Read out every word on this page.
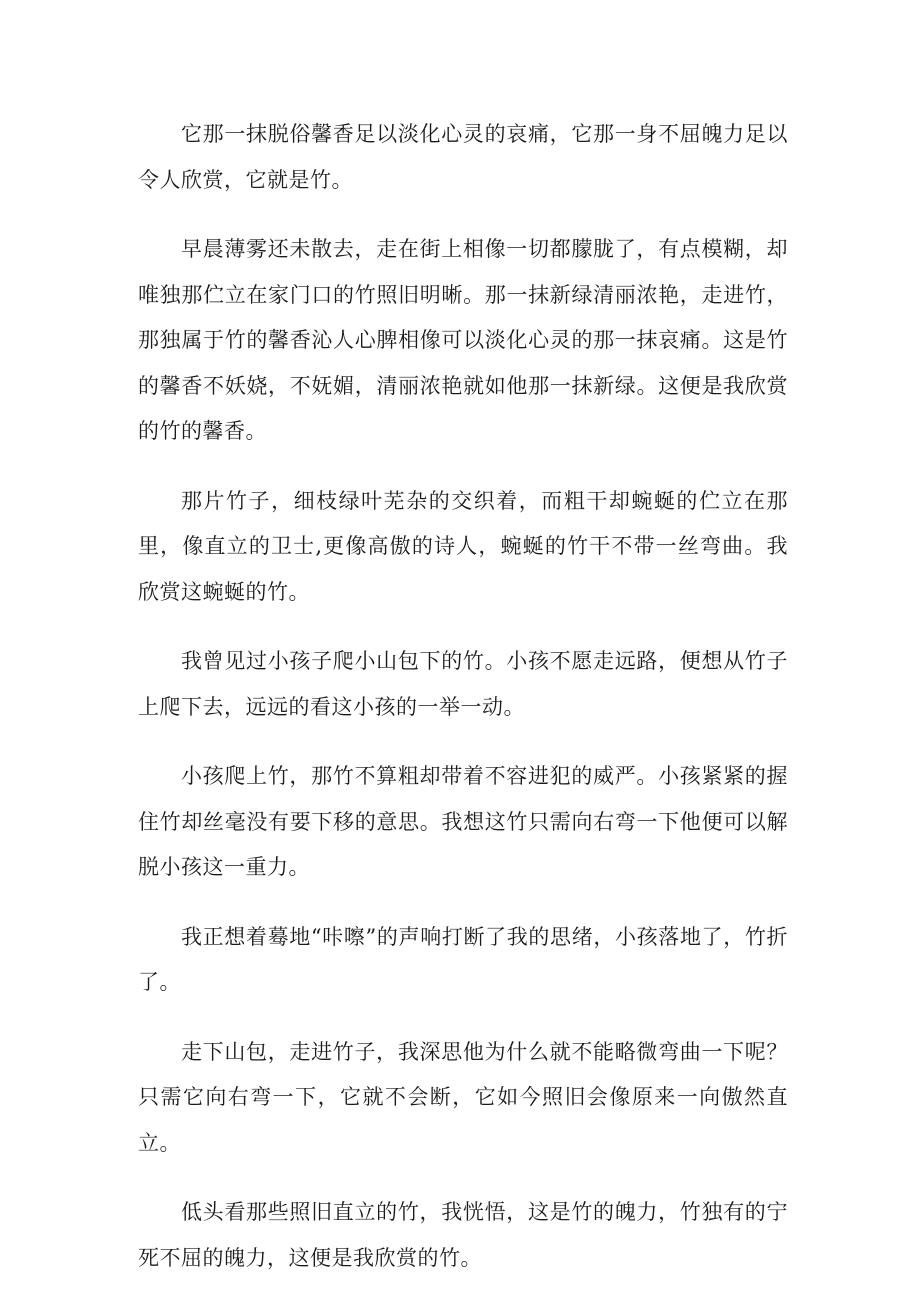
它那一抹脱俗馨香足以淡化心灵的哀痛，它那一身不屈魄力足以令人欣赏，它就是竹。

早晨薄雾还未散去，走在街上相像一切都朦胧了，有点模糊，却唯独那伫立在家门口的竹照旧明晰。那一抹新绿清丽浓艳，走进竹，那独属于竹的馨香沁人心脾相像可以淡化心灵的那一抹哀痛。这是竹的馨香不妖娆，不妩媚，清丽浓艳就如他那一抹新绿。这便是我欣赏的竹的馨香。

那片竹子，细枝绿叶芜杂的交织着，而粗干却蜿蜒的伫立在那里，像直立的卫士,更像高傲的诗人，蜿蜒的竹干不带一丝弯曲。我欣赏这蜿蜒的竹。

我曾见过小孩子爬小山包下的竹。小孩不愿走远路，便想从竹子上爬下去，远远的看这小孩的一举一动。

小孩爬上竹，那竹不算粗却带着不容进犯的威严。小孩紧紧的握住竹却丝毫没有要下移的意思。我想这竹只需向右弯一下他便可以解脱小孩这一重力。

我正想着蓦地“咔嚓”的声响打断了我的思绪，小孩落地了，竹折了。

走下山包，走进竹子，我深思他为什么就不能略微弯曲一下呢？只需它向右弯一下，它就不会断，它如今照旧会像原来一向傲然直立。

低头看那些照旧直立的竹，我恍悟，这是竹的魄力，竹独有的宁死不屈的魄力，这便是我欣赏的竹。
